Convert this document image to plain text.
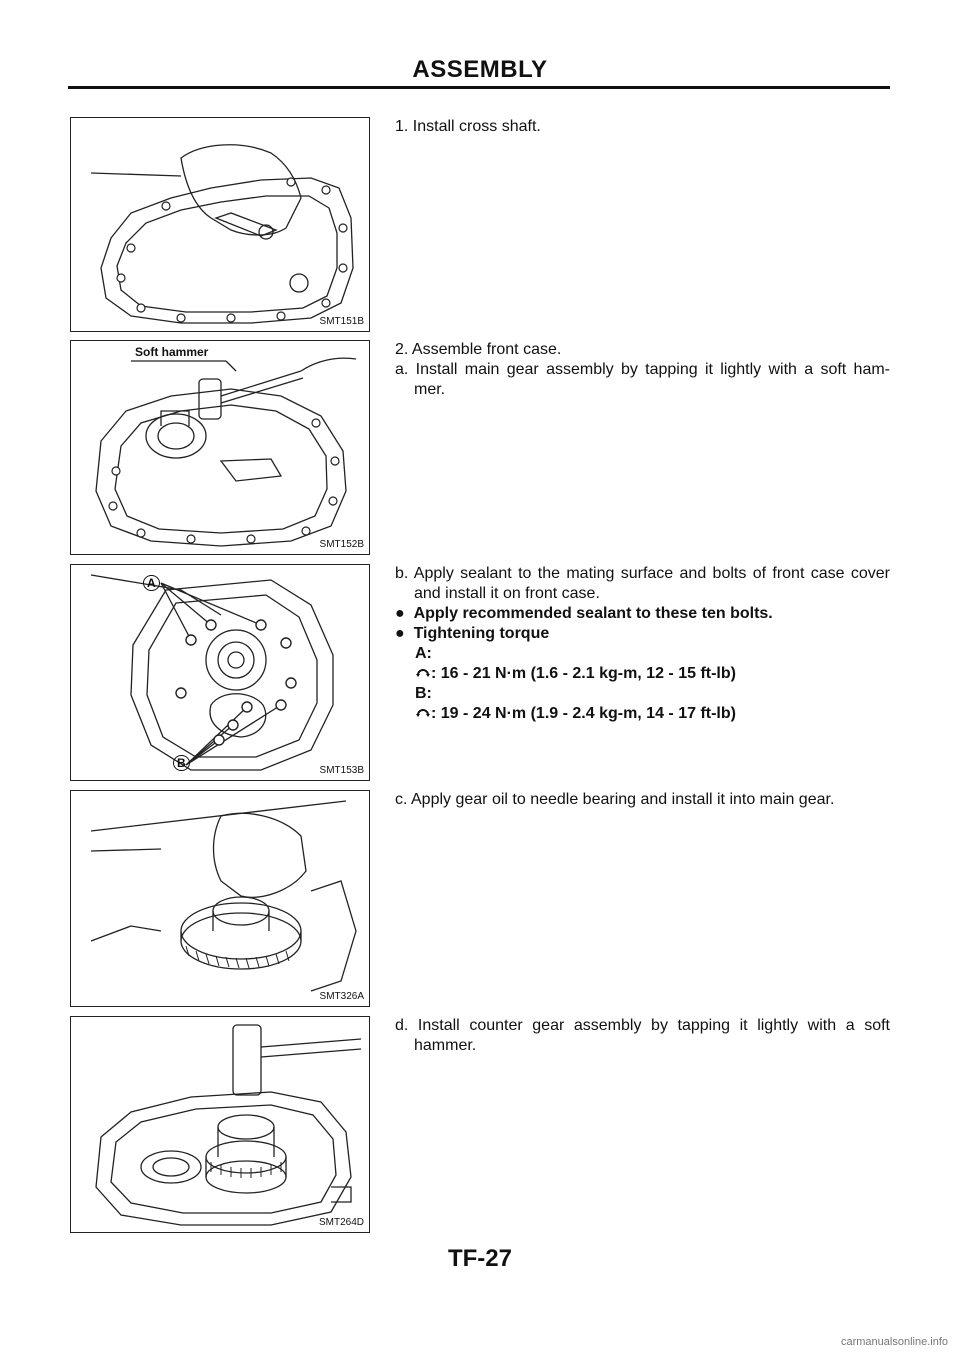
ASSEMBLY
SMT151B
Soft hammer
SMT152B
A
B
SMT153B
SMT326A
SMT264D

1. Install cross shaft.

2. Assemble front case.

a. Install main gear assembly by tapping it lightly with a soft ham- mer.

b. Apply sealant to the mating surface and bolts of front case cover and install it on front case.

●  Apply recommended sealant to these ten bolts.

●  Tightening torque

A:

: 16 - 21 N·m (1.6 - 2.1 kg-m, 12 - 15 ft-lb)

B:

: 19 - 24 N·m (1.9 - 2.4 kg-m, 14 - 17 ft-lb)

c. Apply gear oil to needle bearing and install it into main gear.

d. Install counter gear assembly by tapping it lightly with a soft hammer.

TF-27
carmanualsonline.info
